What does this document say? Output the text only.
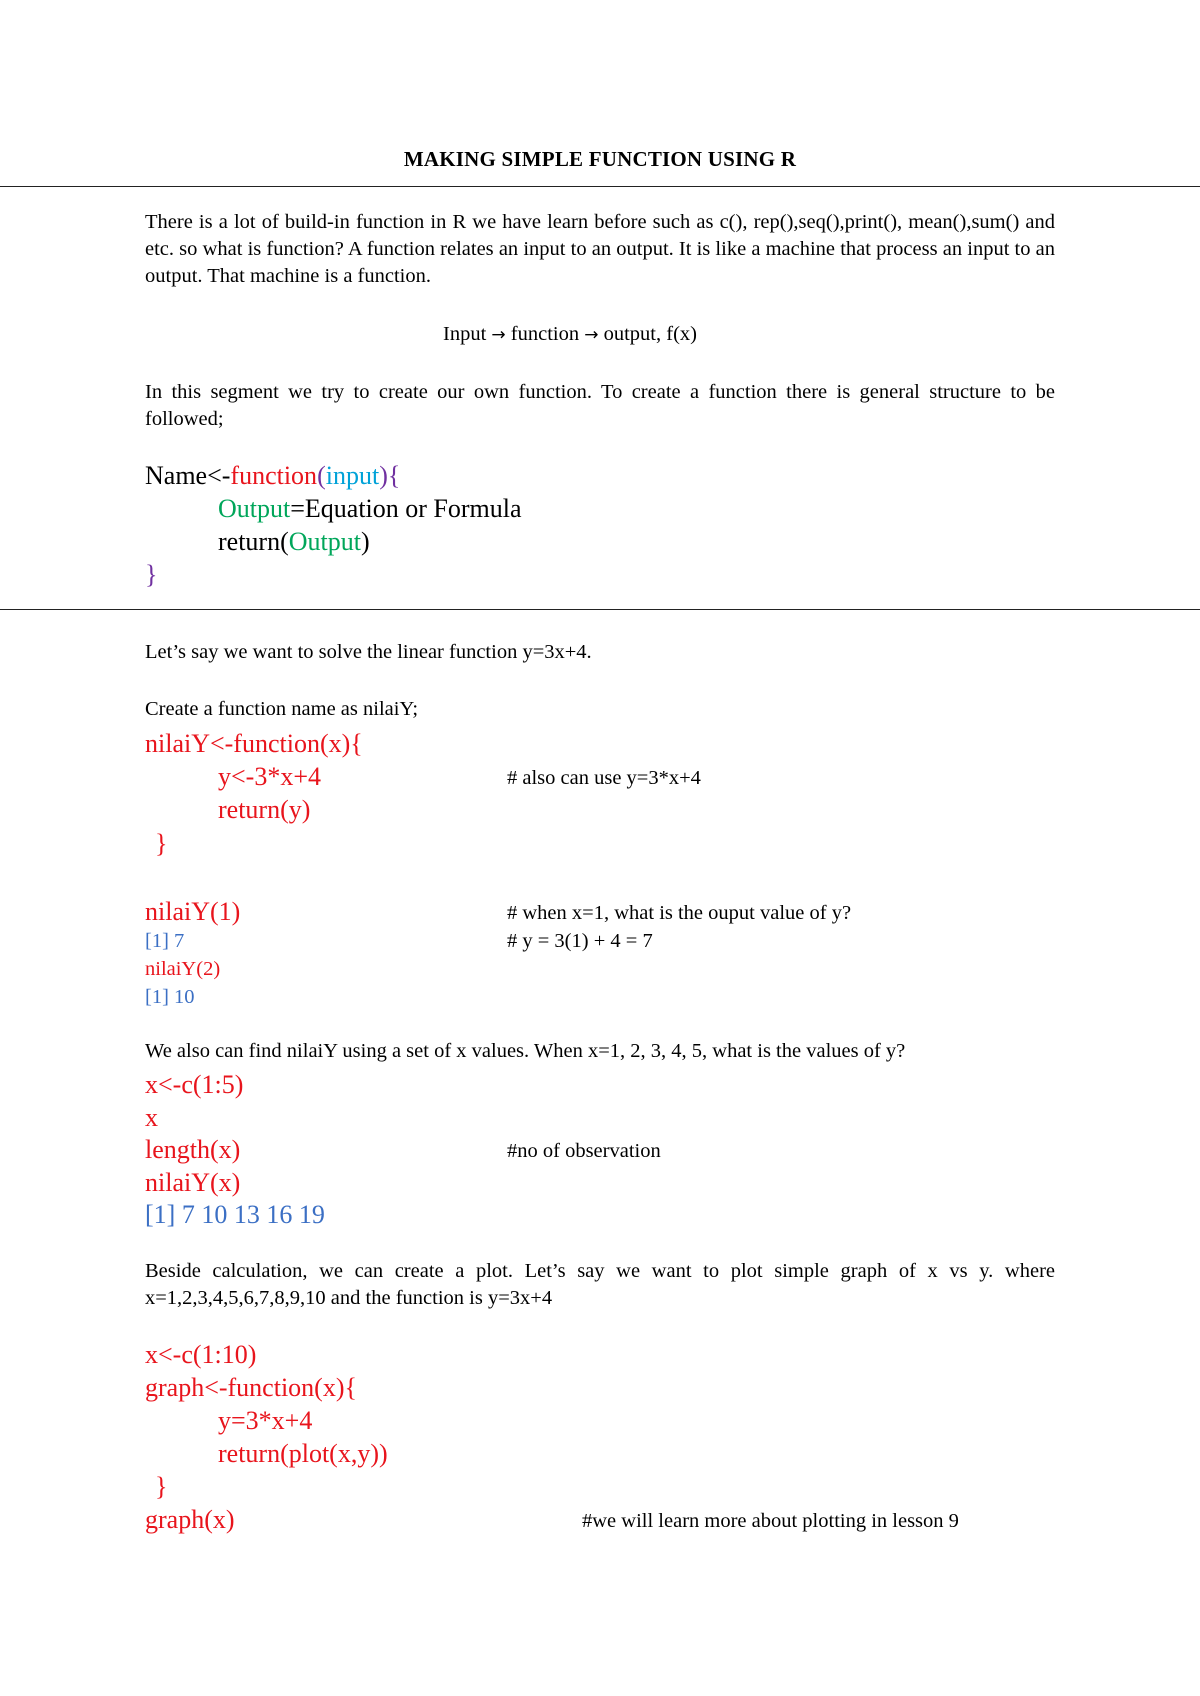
MAKING SIMPLE FUNCTION USING R
There is a lot of build-in function in R we have learn before such as c(), rep(),seq(),print(), mean(),sum() and etc. so what is function? A function relates an input to an output. It is like a machine that process an input to an output. That machine is a function.
Input → function → output, f(x)
In this segment we try to create our own function. To create a function there is general structure to be followed;
Name<-function(input){
Output=Equation or Formula
return(Output)
}
Let’s say we want to solve the linear function y=3x+4.
Create a function name as nilaiY;
nilaiY<-function(x){
y<-3*x+4	# also can use y=3*x+4
return(y)
}
nilaiY(1)	# when x=1, what is the ouput value of y?
[1] 7	# y = 3(1) + 4 = 7
nilaiY(2)
[1] 10
We also can find nilaiY using a set of x values. When x=1, 2, 3, 4, 5, what is the values of y?
x<-c(1:5)
x
length(x)	#no of observation
nilaiY(x)
[1] 7 10 13 16 19
Beside calculation, we can create a plot. Let’s say we want to plot simple graph of x vs y. where x=1,2,3,4,5,6,7,8,9,10 and the function is y=3x+4
x<-c(1:10)
graph<-function(x){
y=3*x+4
return(plot(x,y))
}
graph(x)	#we will learn more about plotting in lesson 9
